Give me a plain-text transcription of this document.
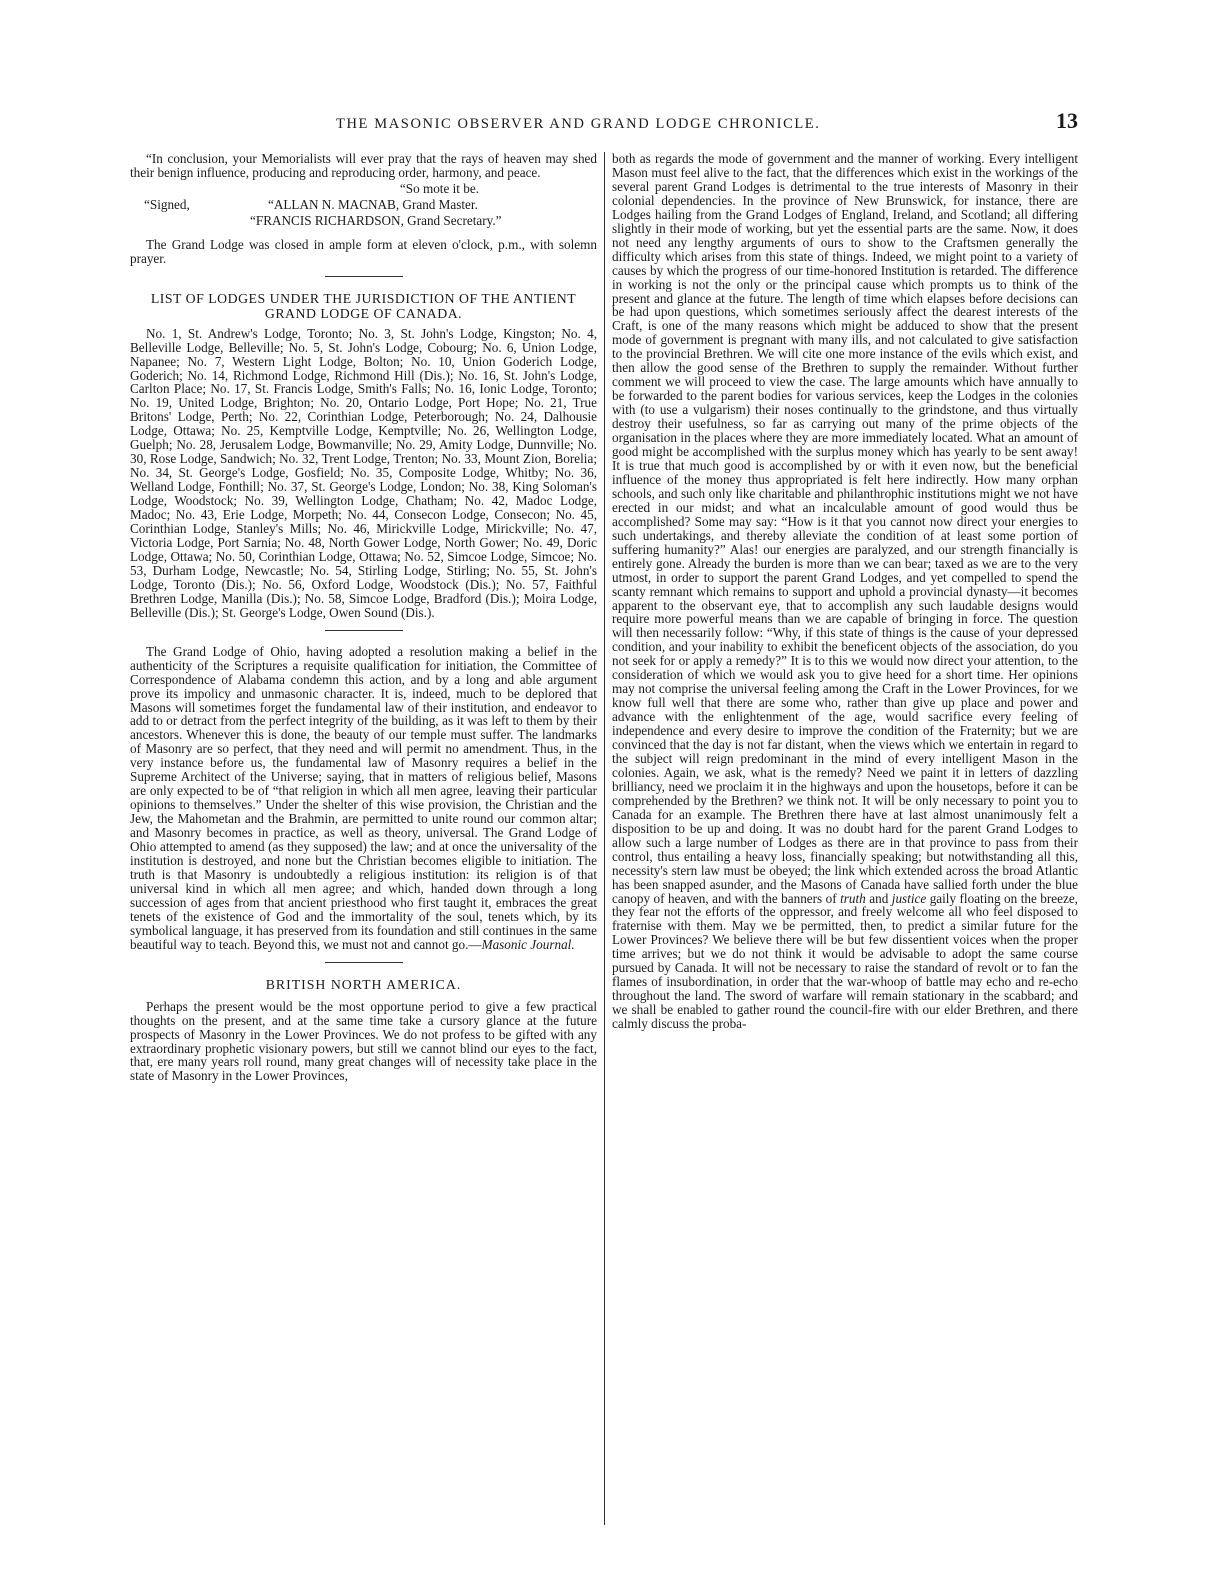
THE MASONIC OBSERVER AND GRAND LODGE CHRONICLE.	13

“In conclusion, your Memorialists will ever pray that the rays of heaven may shed their benign influence, producing and reproducing order, harmony, and peace.

“So mote it be.
“Signed,	“ALLAN N. MACNAB, Grand Master.
“FRANCIS RICHARDSON, Grand Secretary.”

The Grand Lodge was closed in ample form at eleven o'clock, p.m., with solemn prayer.

LIST OF LODGES UNDER THE JURISDICTION OF THE ANTIENT GRAND LODGE OF CANADA.

No. 1, St. Andrew's Lodge, Toronto; No. 3, St. John's Lodge, Kingston; No. 4, Belleville Lodge, Belleville; No. 5, St. John's Lodge, Cobourg; No. 6, Union Lodge, Napanee; No. 7, Western Light Lodge, Bolton; No. 10, Union Goderich Lodge, Goderich; No. 14, Richmond Lodge, Richmond Hill (Dis.); No. 16, St. John's Lodge, Carlton Place; No. 17, St. Francis Lodge, Smith's Falls; No. 16, Ionic Lodge, Toronto; No. 19, United Lodge, Brighton; No. 20, Ontario Lodge, Port Hope; No. 21, True Britons' Lodge, Perth; No. 22, Corinthian Lodge, Peterborough; No. 24, Dalhousie Lodge, Ottawa; No. 25, Kemptville Lodge, Kemptville; No. 26, Wellington Lodge, Guelph; No. 28, Jerusalem Lodge, Bowmanville; No. 29, Amity Lodge, Dunnville; No. 30, Rose Lodge, Sandwich; No. 32, Trent Lodge, Trenton; No. 33, Mount Zion, Borelia; No. 34, St. George's Lodge, Gosfield; No. 35, Composite Lodge, Whitby; No. 36, Welland Lodge, Fonthill; No. 37, St. George's Lodge, London; No. 38, King Soloman's Lodge, Woodstock; No. 39, Wellington Lodge, Chatham; No. 42, Madoc Lodge, Madoc; No. 43, Erie Lodge, Morpeth; No. 44, Consecon Lodge, Consecon; No. 45, Corinthian Lodge, Stanley's Mills; No. 46, Mirickville Lodge, Mirickville; No. 47, Victoria Lodge, Port Sarnia; No. 48, North Gower Lodge, North Gower; No. 49, Doric Lodge, Ottawa; No. 50, Corinthian Lodge, Ottawa; No. 52, Simcoe Lodge, Simcoe; No. 53, Durham Lodge, Newcastle; No. 54, Stirling Lodge, Stirling; No. 55, St. John's Lodge, Toronto (Dis.); No. 56, Oxford Lodge, Woodstock (Dis.); No. 57, Faithful Brethren Lodge, Manilla (Dis.); No. 58, Simcoe Lodge, Bradford (Dis.); Moira Lodge, Belleville (Dis.); St. George's Lodge, Owen Sound (Dis.).

The Grand Lodge of Ohio, having adopted a resolution making a belief in the authenticity of the Scriptures a requisite qualification for initiation, the Committee of Correspondence of Alabama condemn this action, and by a long and able argument prove its impolicy and unmasonic character. It is, indeed, much to be deplored that Masons will sometimes forget the fundamental law of their institution, and endeavor to add to or detract from the perfect integrity of the building, as it was left to them by their ancestors. Whenever this is done, the beauty of our temple must suffer. The landmarks of Masonry are so perfect, that they need and will permit no amendment. Thus, in the very instance before us, the fundamental law of Masonry requires a belief in the Supreme Architect of the Universe; saying, that in matters of religious belief, Masons are only expected to be of “that religion in which all men agree, leaving their particular opinions to themselves.” Under the shelter of this wise provision, the Christian and the Jew, the Mahometan and the Brahmin, are permitted to unite round our common altar; and Masonry becomes in practice, as well as theory, universal. The Grand Lodge of Ohio attempted to amend (as they supposed) the law; and at once the universality of the institution is destroyed, and none but the Christian becomes eligible to initiation. The truth is that Masonry is undoubtedly a religious institution: its religion is of that universal kind in which all men agree; and which, handed down through a long succession of ages from that ancient priesthood who first taught it, embraces the great tenets of the existence of God and the immortality of the soul, tenets which, by its symbolical language, it has preserved from its foundation and still continues in the same beautiful way to teach. Beyond this, we must not and cannot go.—Masonic Journal.

BRITISH NORTH AMERICA.

Perhaps the present would be the most opportune period to give a few practical thoughts on the present, and at the same time take a cursory glance at the future prospects of Masonry in the Lower Provinces. We do not profess to be gifted with any extraordinary prophetic visionary powers, but still we cannot blind our eyes to the fact, that, ere many years roll round, many great changes will of necessity take place in the state of Masonry in the Lower Provinces,

both as regards the mode of government and the manner of working. Every intelligent Mason must feel alive to the fact, that the differences which exist in the workings of the several parent Grand Lodges is detrimental to the true interests of Masonry in their colonial dependencies. In the province of New Brunswick, for instance, there are Lodges hailing from the Grand Lodges of England, Ireland, and Scotland; all differing slightly in their mode of working, but yet the essential parts are the same. Now, it does not need any lengthy arguments of ours to show to the Craftsmen generally the difficulty which arises from this state of things. Indeed, we might point to a variety of causes by which the progress of our time-honored Institution is retarded. The difference in working is not the only or the principal cause which prompts us to think of the present and glance at the future. The length of time which elapses before decisions can be had upon questions, which sometimes seriously affect the dearest interests of the Craft, is one of the many reasons which might be adduced to show that the present mode of government is pregnant with many ills, and not calculated to give satisfaction to the provincial Brethren. We will cite one more instance of the evils which exist, and then allow the good sense of the Brethren to supply the remainder. Without further comment we will proceed to view the case. The large amounts which have annually to be forwarded to the parent bodies for various services, keep the Lodges in the colonies with (to use a vulgarism) their noses continually to the grindstone, and thus virtually destroy their usefulness, so far as carrying out many of the prime objects of the organisation in the places where they are more immediately located. What an amount of good might be accomplished with the surplus money which has yearly to be sent away! It is true that much good is accomplished by or with it even now, but the beneficial influence of the money thus appropriated is felt here indirectly. How many orphan schools, and such only like charitable and philanthrophic institutions might we not have erected in our midst; and what an incalculable amount of good would thus be accomplished? Some may say: “How is it that you cannot now direct your energies to such undertakings, and thereby alleviate the condition of at least some portion of suffering humanity?” Alas! our energies are paralyzed, and our strength financially is entirely gone. Already the burden is more than we can bear; taxed as we are to the very utmost, in order to support the parent Grand Lodges, and yet compelled to spend the scanty remnant which remains to support and uphold a provincial dynasty—it becomes apparent to the observant eye, that to accomplish any such laudable designs would require more powerful means than we are capable of bringing in force. The question will then necessarily follow: “Why, if this state of things is the cause of your depressed condition, and your inability to exhibit the beneficent objects of the association, do you not seek for or apply a remedy?” It is to this we would now direct your attention, to the consideration of which we would ask you to give heed for a short time. Her opinions may not comprise the universal feeling among the Craft in the Lower Provinces, for we know full well that there are some who, rather than give up place and power and advance with the enlightenment of the age, would sacrifice every feeling of independence and every desire to improve the condition of the Fraternity; but we are convinced that the day is not far distant, when the views which we entertain in regard to the subject will reign predominant in the mind of every intelligent Mason in the colonies. Again, we ask, what is the remedy? Need we paint it in letters of dazzling brilliancy, need we proclaim it in the highways and upon the housetops, before it can be comprehended by the Brethren? we think not. It will be only necessary to point you to Canada for an example. The Brethren there have at last almost unanimously felt a disposition to be up and doing. It was no doubt hard for the parent Grand Lodges to allow such a large number of Lodges as there are in that province to pass from their control, thus entailing a heavy loss, financially speaking; but notwithstanding all this, necessity's stern law must be obeyed; the link which extended across the broad Atlantic has been snapped asunder, and the Masons of Canada have sallied forth under the blue canopy of heaven, and with the banners of truth and justice gaily floating on the breeze, they fear not the efforts of the oppressor, and freely welcome all who feel disposed to fraternise with them. May we be permitted, then, to predict a similar future for the Lower Provinces? We believe there will be but few dissentient voices when the proper time arrives; but we do not think it would be advisable to adopt the same course pursued by Canada. It will not be necessary to raise the standard of revolt or to fan the flames of insubordination, in order that the war-whoop of battle may echo and re-echo throughout the land. The sword of warfare will remain stationary in the scabbard; and we shall be enabled to gather round the council-fire with our elder Brethren, and there calmly discuss the proba-
